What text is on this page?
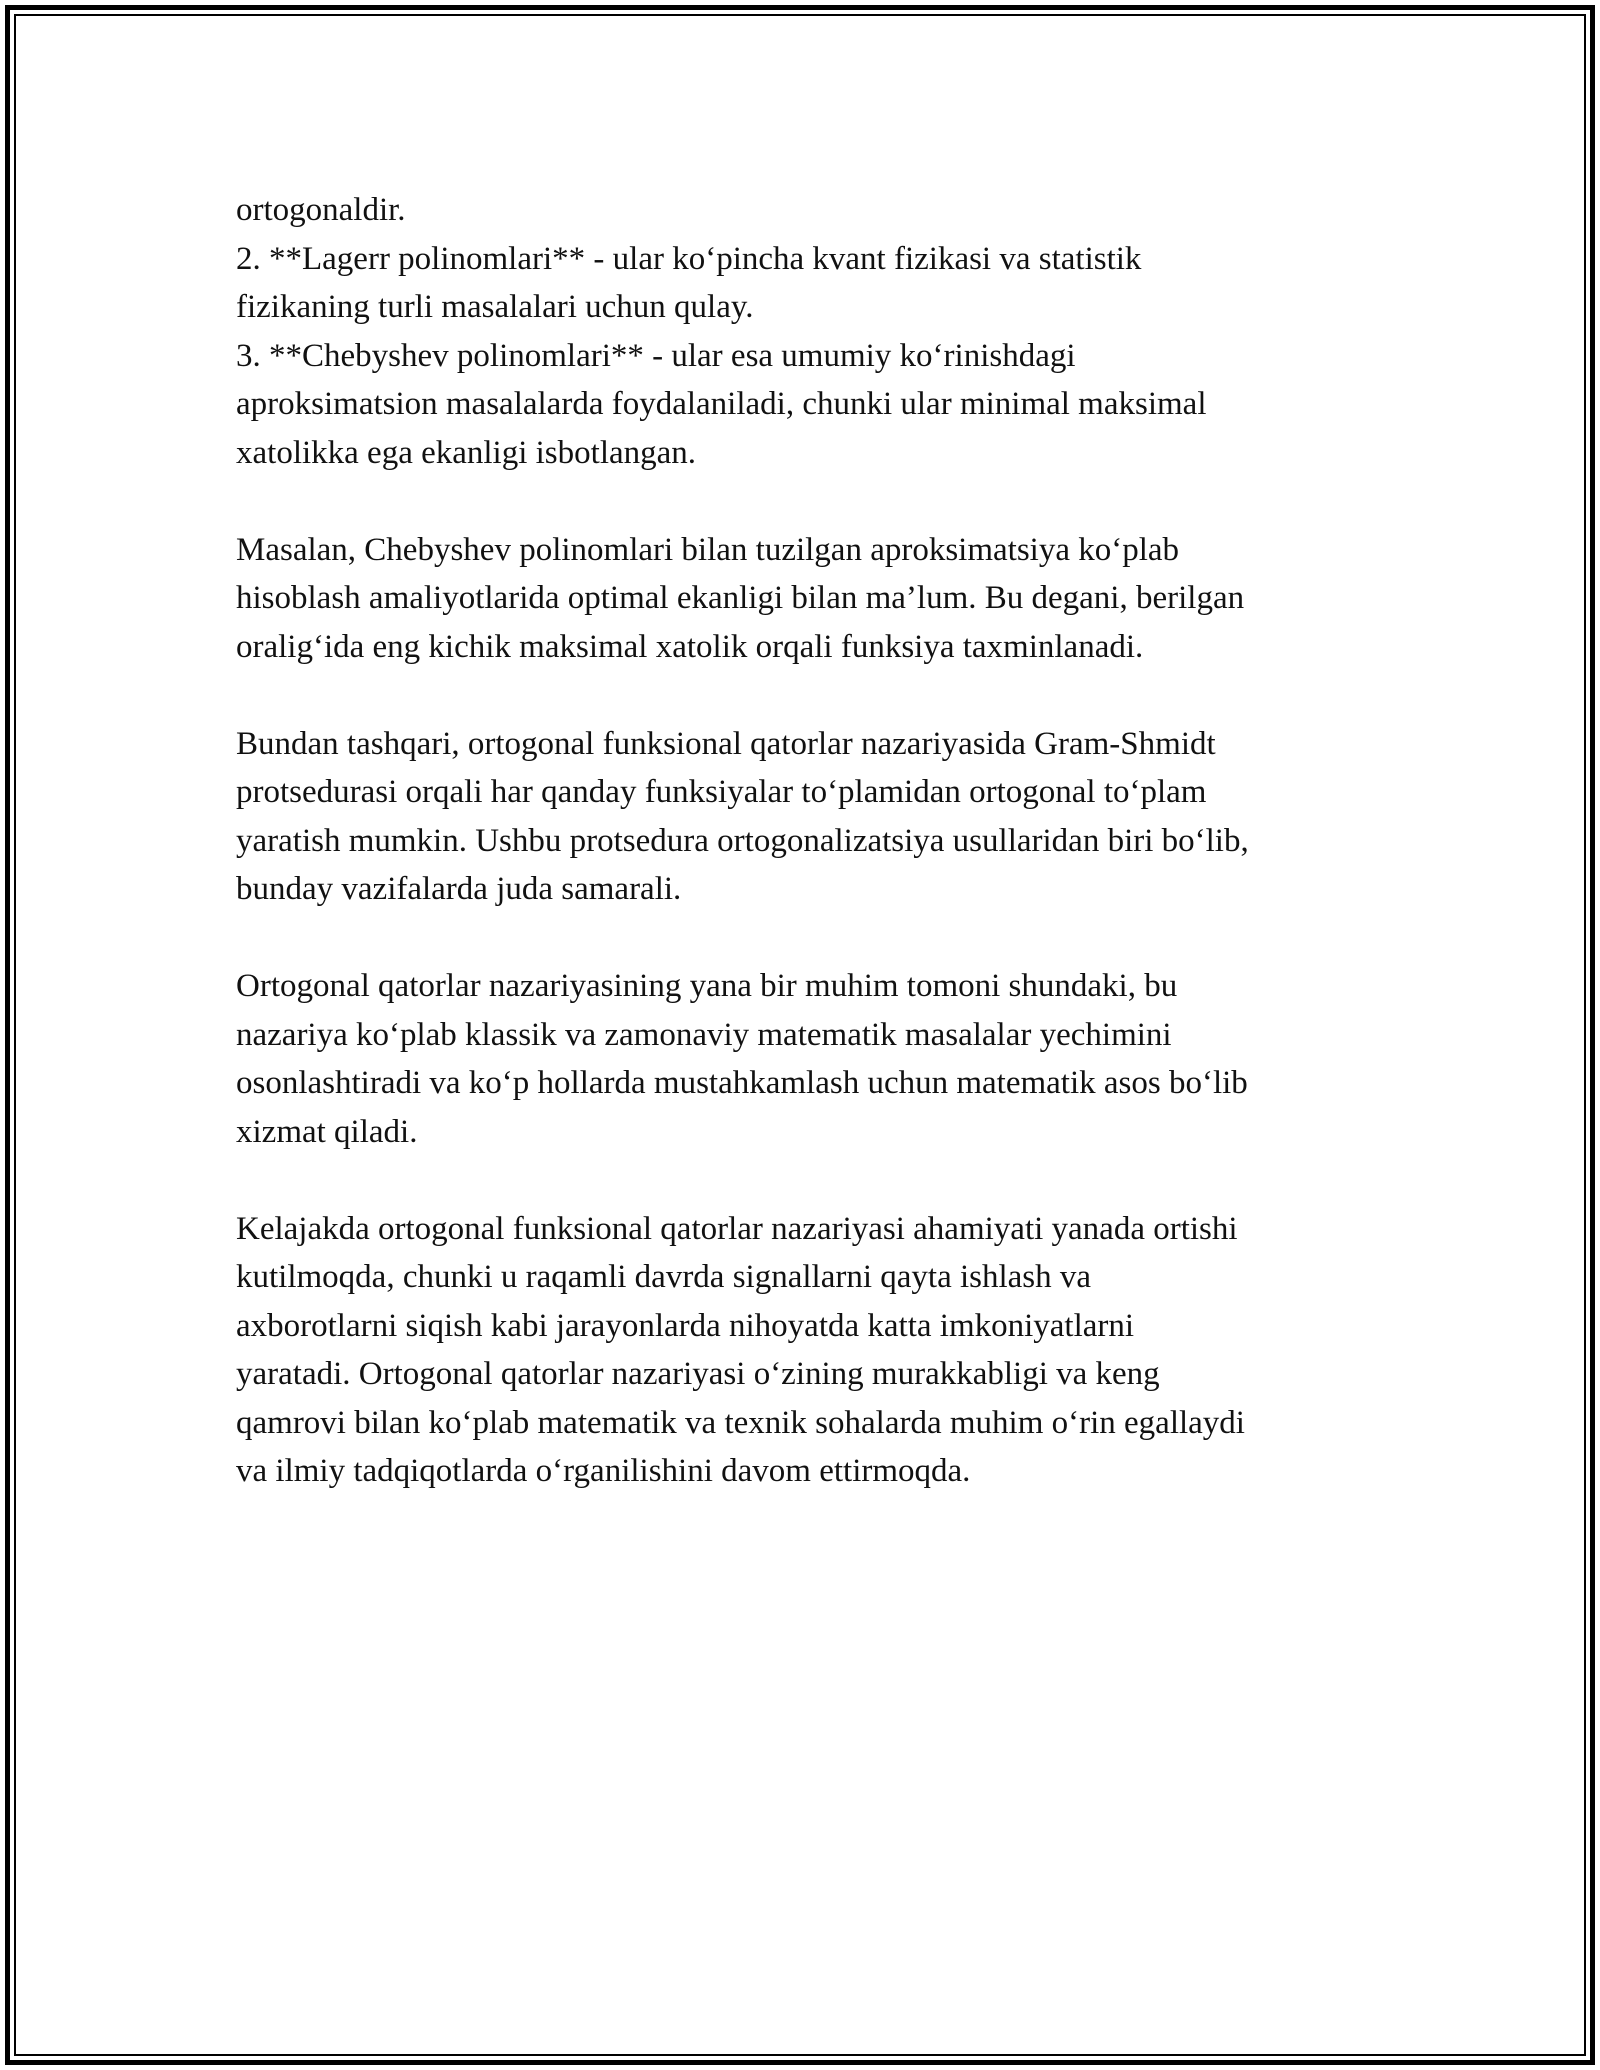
ortogonaldir.
2. **Lagerr polinomlari** - ular ko‘pincha kvant fizikasi va statistik
fizikaning turli masalalari uchun qulay.
3. **Chebyshev polinomlari** - ular esa umumiy ko‘rinishdagi
aproksimatsion masalalarda foydalaniladi, chunki ular minimal maksimal
xatolikka ega ekanligi isbotlangan.
Masalan, Chebyshev polinomlari bilan tuzilgan aproksimatsiya ko‘plab
hisoblash amaliyotlarida optimal ekanligi bilan ma’lum. Bu degani, berilgan
oralig‘ida eng kichik maksimal xatolik orqali funksiya taxminlanadi.
Bundan tashqari, ortogonal funksional qatorlar nazariyasida Gram-Shmidt
protsedurasi orqali har qanday funksiyalar to‘plamidan ortogonal to‘plam
yaratish mumkin. Ushbu protsedura ortogonalizatsiya usullaridan biri bo‘lib,
bunday vazifalarda juda samarali.
Ortogonal qatorlar nazariyasining yana bir muhim tomoni shundaki, bu
nazariya ko‘plab klassik va zamonaviy matematik masalalar yechimini
osonlashtiradi va ko‘p hollarda mustahkamlash uchun matematik asos bo‘lib
xizmat qiladi.
Kelajakda ortogonal funksional qatorlar nazariyasi ahamiyati yanada ortishi
kutilmoqda, chunki u raqamli davrda signallarni qayta ishlash va
axborotlarni siqish kabi jarayonlarda nihoyatda katta imkoniyatlarni
yaratadi. Ortogonal qatorlar nazariyasi o‘zining murakkabligi va keng
qamrovi bilan ko‘plab matematik va texnik sohalarda muhim o‘rin egallaydi
va ilmiy tadqiqotlarda o‘rganilishini davom ettirmoqda.
